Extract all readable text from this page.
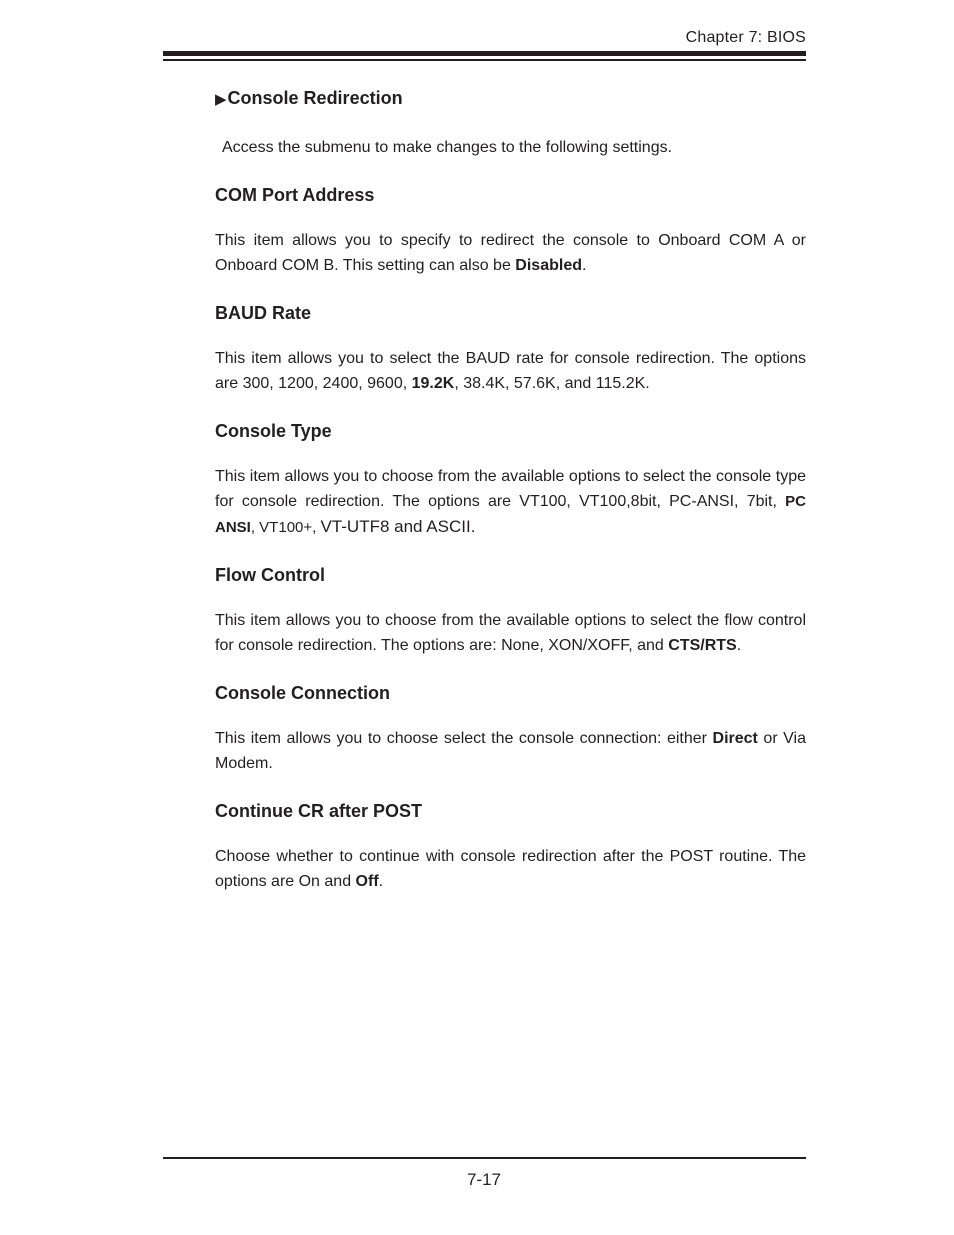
Chapter 7: BIOS
▶Console Redirection

Access the submenu to make changes to the following settings.

COM Port Address

This item allows you to specify to redirect the console to Onboard COM A or Onboard COM B. This setting can also be Disabled.

BAUD Rate

This item allows you to select the BAUD rate for console redirection. The options are 300, 1200, 2400, 9600, 19.2K, 38.4K, 57.6K, and 115.2K.

Console Type

This item allows you to choose from the available options to select the console type for console redirection. The options are VT100, VT100,8bit, PC-ANSI, 7bit, PC ANSI, VT100+, VT-UTF8 and ASCII.

Flow Control

This item allows you to choose from the available options to select the flow control for console redirection. The options are: None, XON/XOFF, and CTS/RTS.

Console Connection

This item allows you to choose select the console connection: either Direct or Via Modem.

Continue CR after POST

Choose whether to continue with console redirection after the POST routine. The options are On and Off.

7-17
